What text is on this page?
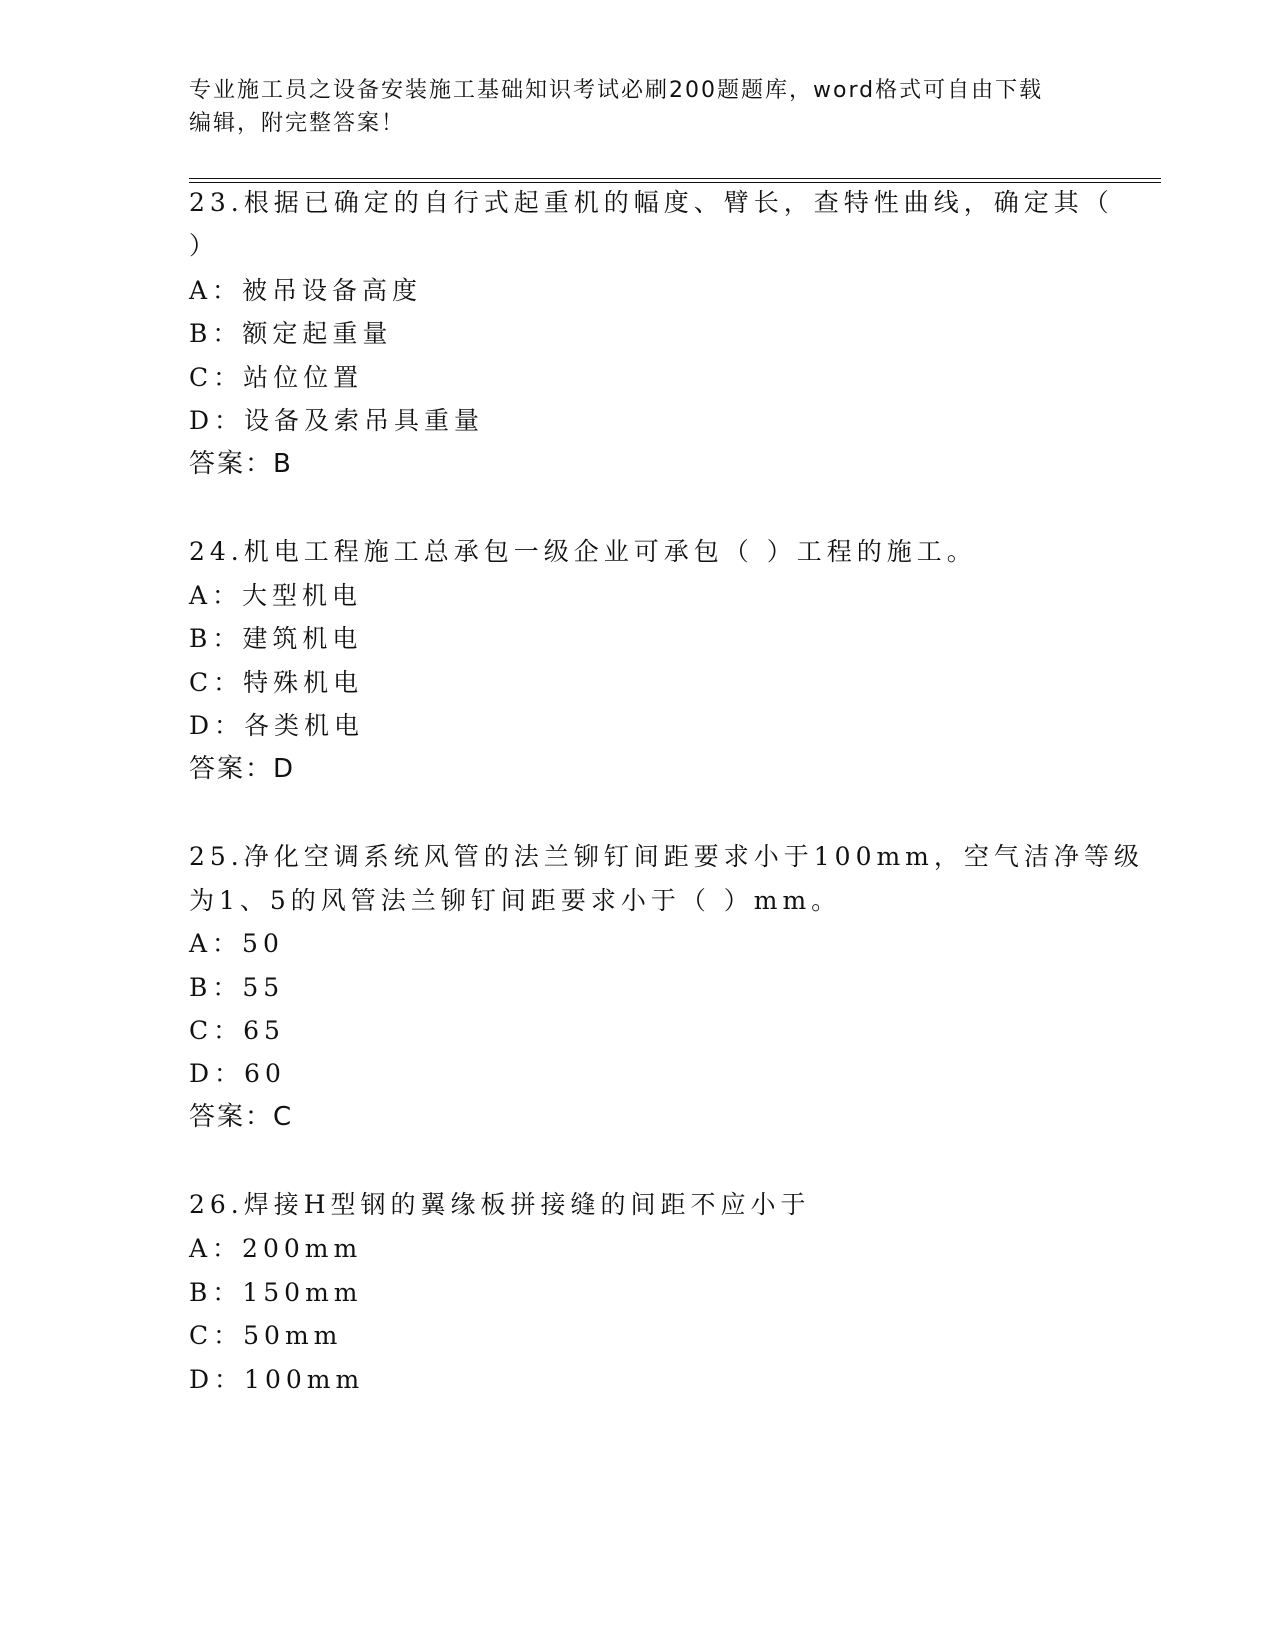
专业施工员之设备安装施工基础知识考试必刷200题题库，word格式可自由下载
编辑，附完整答案！
23.根据已确定的自行式起重机的幅度、臂长，查特性曲线，确定其（
）
A：被吊设备高度
B：额定起重量
C：站位位置
D：设备及索吊具重量
答案：B
24.机电工程施工总承包一级企业可承包（ ）工程的施工。
A：大型机电
B：建筑机电
C：特殊机电
D：各类机电
答案：D
25.净化空调系统风管的法兰铆钉间距要求小于100mm，空气洁净等级
为1、5的风管法兰铆钉间距要求小于（ ）mm。
A：50
B：55
C：65
D：60
答案：C
26.焊接H型钢的翼缘板拼接缝的间距不应小于
A：200mm
B：150mm
C：50mm
D：100mm
